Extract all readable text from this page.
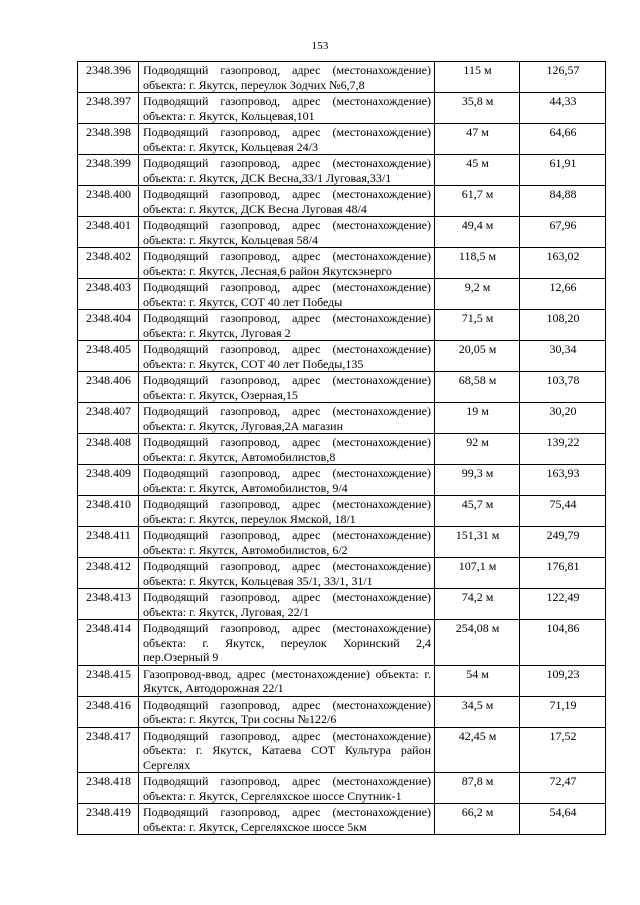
153
2348.396	Подводящий газопровод, адрес (местонахождение) объекта: г. Якутск, переулок Зодчих №6,7,8	115 м	126,57
2348.397	Подводящий газопровод, адрес (местонахождение) объекта: г. Якутск, Кольцевая,101	35,8 м	44,33
2348.398	Подводящий газопровод, адрес (местонахождение) объекта: г. Якутск, Кольцевая 24/3	47 м	64,66
2348.399	Подводящий газопровод, адрес (местонахождение) объекта: г. Якутск, ДСК Весна,33/1 Луговая,33/1	45 м	61,91
2348.400	Подводящий газопровод, адрес (местонахождение) объекта: г. Якутск, ДСК Весна Луговая 48/4	61,7 м	84,88
2348.401	Подводящий газопровод, адрес (местонахождение) объекта: г. Якутск, Кольцевая 58/4	49,4 м	67,96
2348.402	Подводящий газопровод, адрес (местонахождение) объекта: г. Якутск, Лесная,6 район Якутскэнерго	118,5 м	163,02
2348.403	Подводящий газопровод, адрес (местонахождение) объекта: г. Якутск, СОТ 40 лет Победы	9,2 м	12,66
2348.404	Подводящий газопровод, адрес (местонахождение) объекта: г. Якутск, Луговая 2	71,5 м	108,20
2348.405	Подводящий газопровод, адрес (местонахождение) объекта: г. Якутск, СОТ 40 лет Победы,135	20,05 м	30,34
2348.406	Подводящий газопровод, адрес (местонахождение) объекта: г. Якутск, Озерная,15	68,58 м	103,78
2348.407	Подводящий газопровод, адрес (местонахождение) объекта: г. Якутск, Луговая,2А магазин	19 м	30,20
2348.408	Подводящий газопровод, адрес (местонахождение) объекта: г. Якутск, Автомобилистов,8	92 м	139,22
2348.409	Подводящий газопровод, адрес (местонахождение) объекта: г. Якутск, Автомобилистов, 9/4	99,3 м	163,93
2348.410	Подводящий газопровод, адрес (местонахождение) объекта: г. Якутск, переулок Ямской, 18/1	45,7 м	75,44
2348.411	Подводящий газопровод, адрес (местонахождение) объекта: г. Якутск, Автомобилистов, 6/2	151,31 м	249,79
2348.412	Подводящий газопровод, адрес (местонахождение) объекта: г. Якутск, Кольцевая 35/1, 33/1, 31/1	107,1 м	176,81
2348.413	Подводящий газопровод, адрес (местонахождение) объекта: г. Якутск, Луговая, 22/1	74,2 м	122,49
2348.414	Подводящий газопровод, адрес (местонахождение) объекта: г. Якутск, переулок Хоринский 2,4 пер.Озерный 9	254,08 м	104,86
2348.415	Газопровод-ввод, адрес (местонахождение) объекта: г. Якутск, Автодорожная 22/1	54 м	109,23
2348.416	Подводящий газопровод, адрес (местонахождение) объекта: г. Якутск, Три сосны №122/6	34,5 м	71,19
2348.417	Подводящий газопровод, адрес (местонахождение) объекта: г. Якутск, Катаева СОТ Культура район Сергелях	42,45 м	17,52
2348.418	Подводящий газопровод, адрес (местонахождение) объекта: г. Якутск, Сергеляхское шоссе Спутник-1	87,8 м	72,47
2348.419	Подводящий газопровод, адрес (местонахождение) объекта: г. Якутск, Сергеляхское шоссе 5км	66,2 м	54,64
